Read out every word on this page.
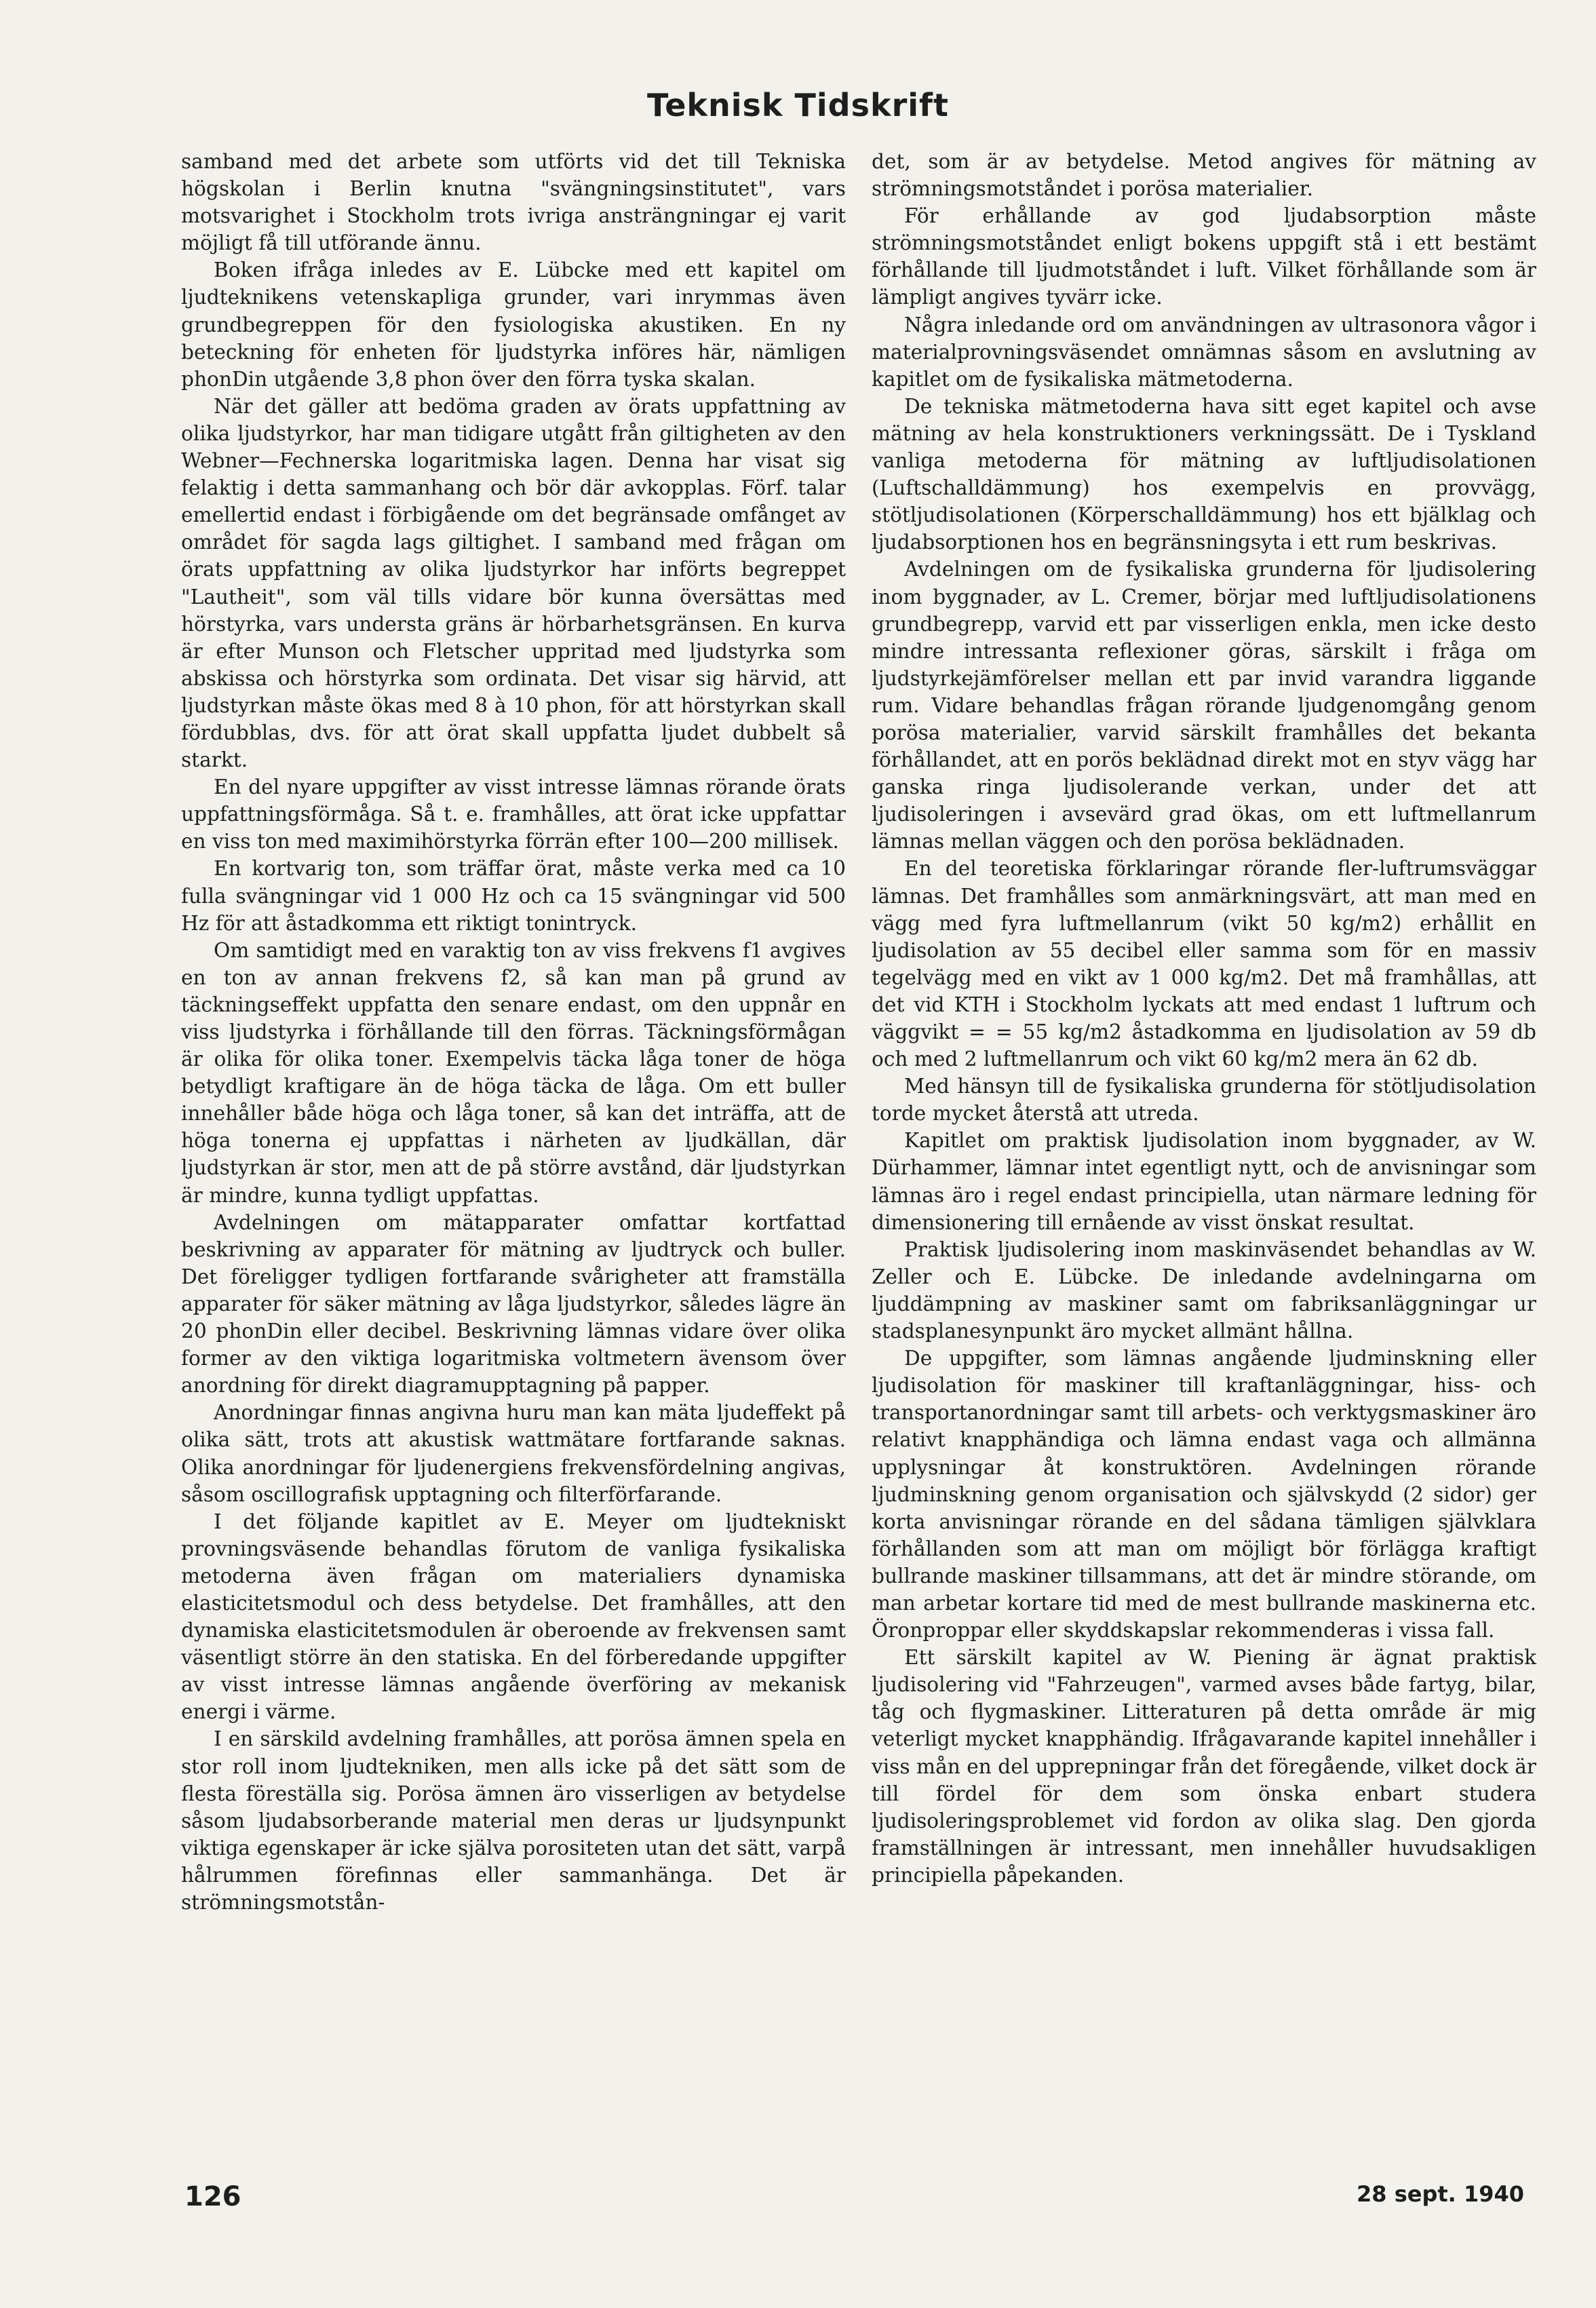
Teknisk Tidskrift

samband med det arbete som utförts vid det till Tekniska högskolan i Berlin knutna "svängningsinstitutet", vars motsvarighet i Stockholm trots ivriga ansträngningar ej varit möjligt få till utförande ännu.

Boken ifråga inledes av E. Lübcke med ett kapitel om ljudteknikens vetenskapliga grunder, vari inrymmas även grundbegreppen för den fysiologiska akustiken. En ny beteckning för enheten för ljudstyrka införes här, nämligen phonDin utgående 3,8 phon över den förra tyska skalan.

När det gäller att bedöma graden av örats uppfattning av olika ljudstyrkor, har man tidigare utgått från giltigheten av den Webner—Fechnerska logaritmiska lagen. Denna har visat sig felaktig i detta sammanhang och bör där avkopplas. Förf. talar emellertid endast i förbigående om det begränsade omfånget av området för sagda lags giltighet. I samband med frågan om örats uppfattning av olika ljudstyrkor har införts begreppet "Lautheit", som väl tills vidare bör kunna översättas med hörstyrka, vars understa gräns är hörbarhetsgränsen. En kurva är efter Munson och Fletscher uppritad med ljudstyrka som abskissa och hörstyrka som ordinata. Det visar sig härvid, att ljudstyrkan måste ökas med 8 à 10 phon, för att hörstyrkan skall fördubblas, dvs. för att örat skall uppfatta ljudet dubbelt så starkt.

En del nyare uppgifter av visst intresse lämnas rörande örats uppfattningsförmåga. Så t. e. framhålles, att örat icke uppfattar en viss ton med maximihörstyrka förrän efter 100—200 millisek.

En kortvarig ton, som träffar örat, måste verka med ca 10 fulla svängningar vid 1 000 Hz och ca 15 svängningar vid 500 Hz för att åstadkomma ett riktigt tonintryck.

Om samtidigt med en varaktig ton av viss frekvens f1 avgives en ton av annan frekvens f2, så kan man på grund av täckningseffekt uppfatta den senare endast, om den uppnår en viss ljudstyrka i förhållande till den förras. Täckningsförmågan är olika för olika toner. Exempelvis täcka låga toner de höga betydligt kraftigare än de höga täcka de låga. Om ett buller innehåller både höga och låga toner, så kan det inträffa, att de höga tonerna ej uppfattas i närheten av ljudkällan, där ljudstyrkan är stor, men att de på större avstånd, där ljudstyrkan är mindre, kunna tydligt uppfattas.

Avdelningen om mätapparater omfattar kortfattad beskrivning av apparater för mätning av ljudtryck och buller. Det föreligger tydligen fortfarande svårigheter att framställa apparater för säker mätning av låga ljudstyrkor, således lägre än 20 phonDin eller decibel. Beskrivning lämnas vidare över olika former av den viktiga logaritmiska voltmetern ävensom över anordning för direkt diagramupptagning på papper.

Anordningar finnas angivna huru man kan mäta ljudeffekt på olika sätt, trots att akustisk wattmätare fortfarande saknas. Olika anordningar för ljudenergiens frekvensfördelning angivas, såsom oscillografisk upptagning och filterförfarande.

I det följande kapitlet av E. Meyer om ljudtekniskt provningsväsende behandlas förutom de vanliga fysikaliska metoderna även frågan om materialiers dynamiska elasticitetsmodul och dess betydelse. Det framhålles, att den dynamiska elasticitetsmodulen är oberoende av frekvensen samt väsentligt större än den statiska. En del förberedande uppgifter av visst intresse lämnas angående överföring av mekanisk energi i värme.

I en särskild avdelning framhålles, att porösa ämnen spela en stor roll inom ljudtekniken, men alls icke på det sätt som de flesta föreställa sig. Porösa ämnen äro visserligen av betydelse såsom ljudabsorberande material men deras ur ljudsynpunkt viktiga egenskaper är icke själva porositeten utan det sätt, varpå hålrummen förefinnas eller sammanhänga. Det är strömningsmotstån-

det, som är av betydelse. Metod angives för mätning av strömningsmotståndet i porösa materialier.

För erhållande av god ljudabsorption måste strömningsmotståndet enligt bokens uppgift stå i ett bestämt förhållande till ljudmotståndet i luft. Vilket förhållande som är lämpligt angives tyvärr icke.

Några inledande ord om användningen av ultrasonora vågor i materialprovningsväsendet omnämnas såsom en avslutning av kapitlet om de fysikaliska mätmetoderna.

De tekniska mätmetoderna hava sitt eget kapitel och avse mätning av hela konstruktioners verkningssätt. De i Tyskland vanliga metoderna för mätning av luftljudisolationen (Luftschalldämmung) hos exempelvis en provvägg, stötljudisolationen (Körperschalldämmung) hos ett bjälklag och ljudabsorptionen hos en begränsningsyta i ett rum beskrivas.

Avdelningen om de fysikaliska grunderna för ljudisolering inom byggnader, av L. Cremer, börjar med luftljudisolationens grundbegrepp, varvid ett par visserligen enkla, men icke desto mindre intressanta reflexioner göras, särskilt i fråga om ljudstyrkejämförelser mellan ett par invid varandra liggande rum. Vidare behandlas frågan rörande ljudgenomgång genom porösa materialier, varvid särskilt framhålles det bekanta förhållandet, att en porös beklädnad direkt mot en styv vägg har ganska ringa ljudisolerande verkan, under det att ljudisoleringen i avsevärd grad ökas, om ett luftmellanrum lämnas mellan väggen och den porösa beklädnaden.

En del teoretiska förklaringar rörande fler-luftrumsväggar lämnas. Det framhålles som anmärkningsvärt, att man med en vägg med fyra luftmellanrum (vikt 50 kg/m2) erhållit en ljudisolation av 55 decibel eller samma som för en massiv tegelvägg med en vikt av 1 000 kg/m2. Det må framhållas, att det vid KTH i Stockholm lyckats att med endast 1 luftrum och väggvikt = = 55 kg/m2 åstadkomma en ljudisolation av 59 db och med 2 luftmellanrum och vikt 60 kg/m2 mera än 62 db.

Med hänsyn till de fysikaliska grunderna för stötljudisolation torde mycket återstå att utreda.

Kapitlet om praktisk ljudisolation inom byggnader, av W. Dürhammer, lämnar intet egentligt nytt, och de anvisningar som lämnas äro i regel endast principiella, utan närmare ledning för dimensionering till ernående av visst önskat resultat.

Praktisk ljudisolering inom maskinväsendet behandlas av W. Zeller och E. Lübcke. De inledande avdelningarna om ljuddämpning av maskiner samt om fabriksanläggningar ur stadsplanesynpunkt äro mycket allmänt hållna.

De uppgifter, som lämnas angående ljudminskning eller ljudisolation för maskiner till kraftanläggningar, hiss- och transportanordningar samt till arbets- och verktygsmaskiner äro relativt knapphändiga och lämna endast vaga och allmänna upplysningar åt konstruktören. Avdelningen rörande ljudminskning genom organisation och självskydd (2 sidor) ger korta anvisningar rörande en del sådana tämligen självklara förhållanden som att man om möjligt bör förlägga kraftigt bullrande maskiner tillsammans, att det är mindre störande, om man arbetar kortare tid med de mest bullrande maskinerna etc. Öronproppar eller skyddskapslar rekommenderas i vissa fall.

Ett särskilt kapitel av W. Piening är ägnat praktisk ljudisolering vid "Fahrzeugen", varmed avses både fartyg, bilar, tåg och flygmaskiner. Litteraturen på detta område är mig veterligt mycket knapphändig. Ifrågavarande kapitel innehåller i viss mån en del upprepningar från det föregående, vilket dock är till fördel för dem som önska enbart studera ljudisoleringsproblemet vid fordon av olika slag. Den gjorda framställningen är intressant, men innehåller huvudsakligen principiella påpekanden.

126	28 sept. 1940
